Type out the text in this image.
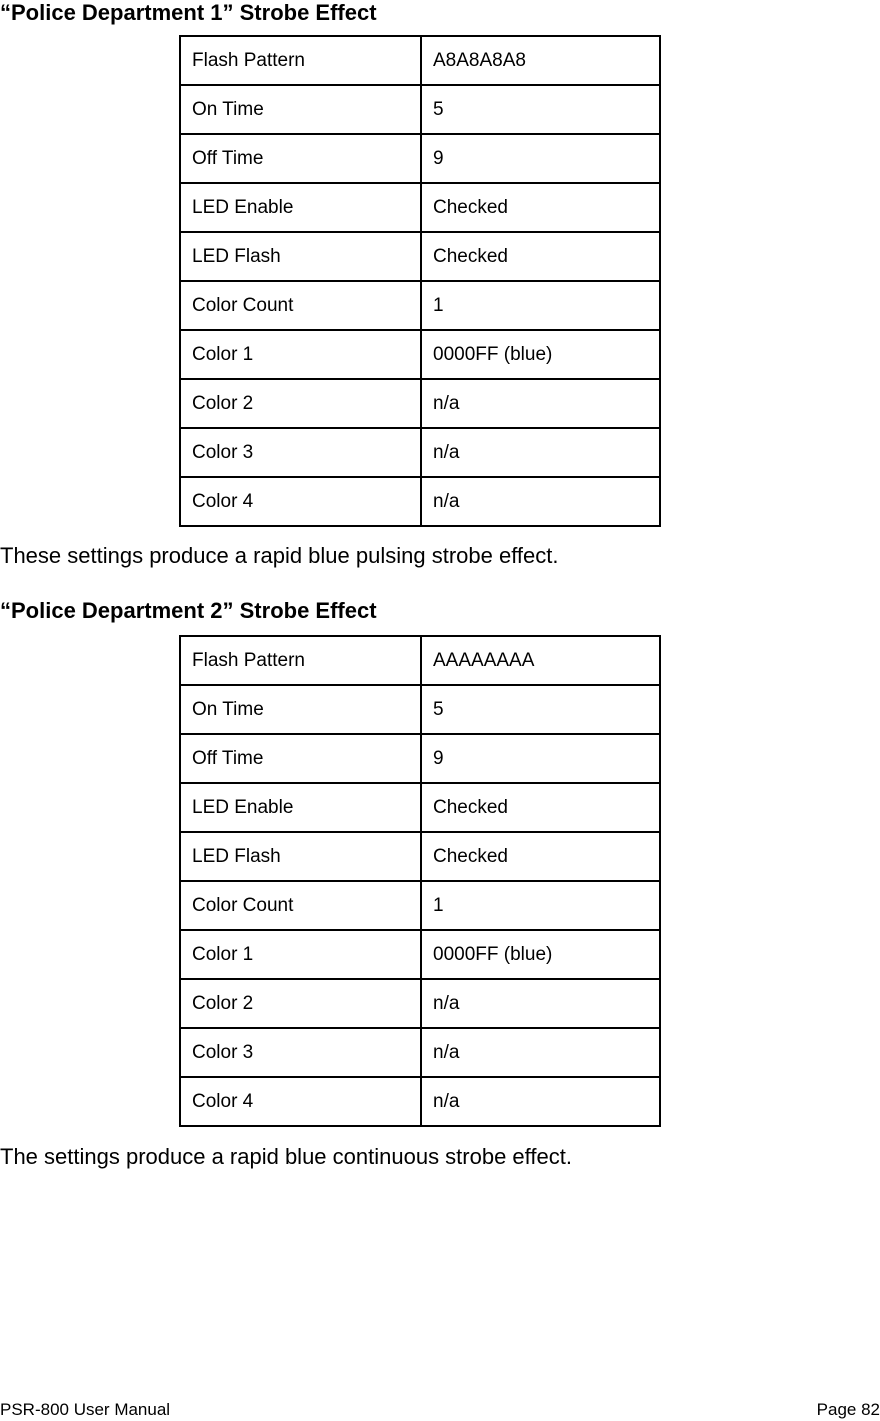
“Police Department 1” Strobe Effect
Flash Pattern	A8A8A8A8
On Time	5
Off Time	9
LED Enable	Checked
LED Flash	Checked
Color Count	1
Color 1	0000FF (blue)
Color 2	n/a
Color 3	n/a
Color 4	n/a

These settings produce a rapid blue pulsing strobe effect.

“Police Department 2” Strobe Effect
Flash Pattern	AAAAAAAA
On Time	5
Off Time	9
LED Enable	Checked
LED Flash	Checked
Color Count	1
Color 1	0000FF (blue)
Color 2	n/a
Color 3	n/a
Color 4	n/a

The settings produce a rapid blue continuous strobe effect.

PSR-800 User Manual	Page 82
